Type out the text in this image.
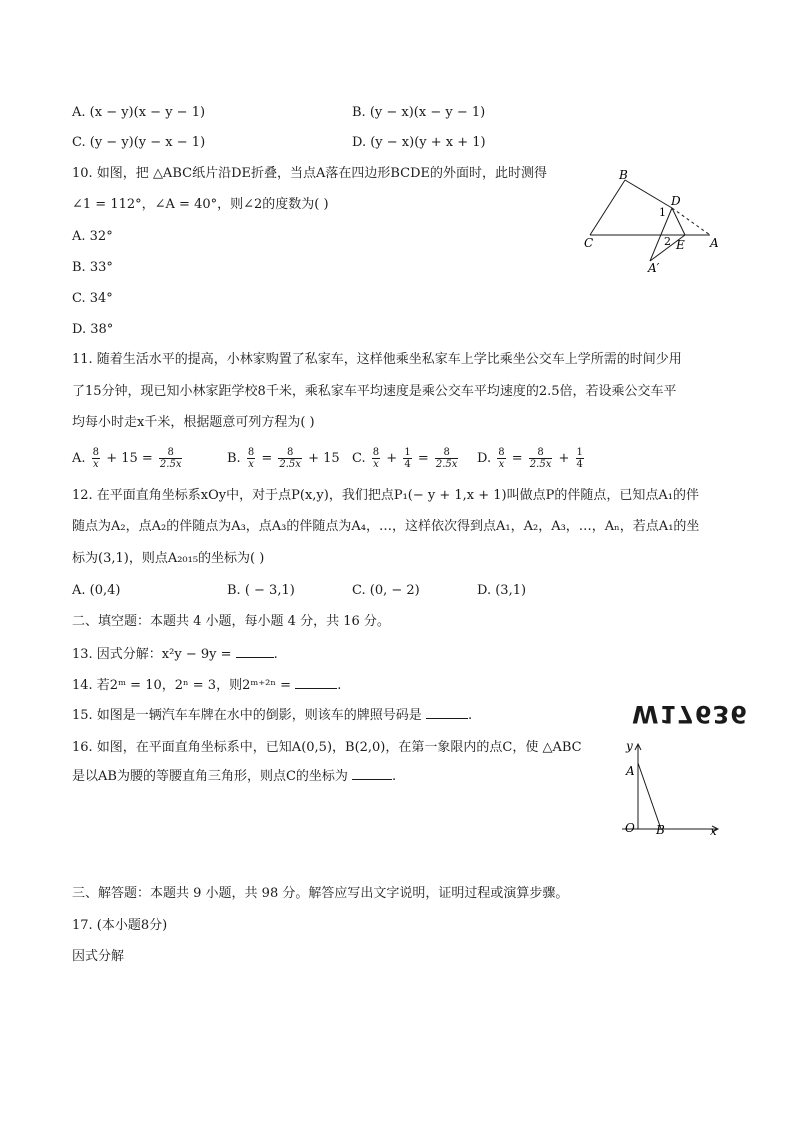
A. (x − y)(x − y − 1)	B. (y − x)(x − y − 1)
C. (y − y)(y − x − 1)	D. (y − x)(y + x + 1)
10. 如图，把 △ABC纸片沿DE折叠，当点A落在四边形BCDE的外面时，此时测得
∠1 = 112°，∠A = 40°，则∠2的度数为( )
A. 32°
B. 33°
C. 34°
D. 38°
B
D
1
C	2 E A
A′
11. 随着生活水平的提高，小林家购置了私家车，这样他乘坐私家车上学比乘坐公交车上学所需的时间少用
了15分钟，现已知小林家距学校8千米，乘私家车平均速度是乘公交车平均速度的2.5倍，若设乘公交车平
均每小时走x千米，根据题意可列方程为( )
A. $\frac{8}{x} + 15 = \frac{8}{2.5x}$	B. $\frac{8}{x} = \frac{8}{2.5x} + 15$ C. $\frac{8}{x} + \frac{1}{4} = \frac{8}{2.5x} D$. $\frac{8}{x} = \frac{8}{2.5x} + \frac{1}{4}$
12. 在平面直角坐标系xOy中，对于点P(x,y)，我们把点P₁(− y + 1,x + 1)叫做点P的伴随点，已知点A₁的伴
随点为A₂，点A₂的伴随点为A₃，点A₃的伴随点为A₄，…，这样依次得到点A₁，A₂，A₃，…，Aₙ，若点A₁的坐
标为(3,1)，则点A₂₀₁₅的坐标为( )
A. (0,4)	B. ( − 3,1)	C. (0, − 2)	D. (3,1)
二、填空题：本题共 4 小题，每小题 4 分，共 16 分。
13. 因式分解：x²y − 9y =	.
14. 若2ᵐ = 10，2ⁿ = 3，则2ᵐ⁺²ⁿ =	.
15. 如图是一辆汽车车牌在水中的倒影，则该车的牌照号码是	.	W17636
16. 如图，在平面直角坐标系中，已知A(0,5)，B(2,0)，在第一象限内的点C，使 △ABC
是以AB为腰的等腰直角三角形，则点C的坐标为	.
y
A
O B	x
三、解答题：本题共 9 小题，共 98 分。解答应写出文字说明，证明过程或演算步骤。
17. (本小题8分)
因式分解
